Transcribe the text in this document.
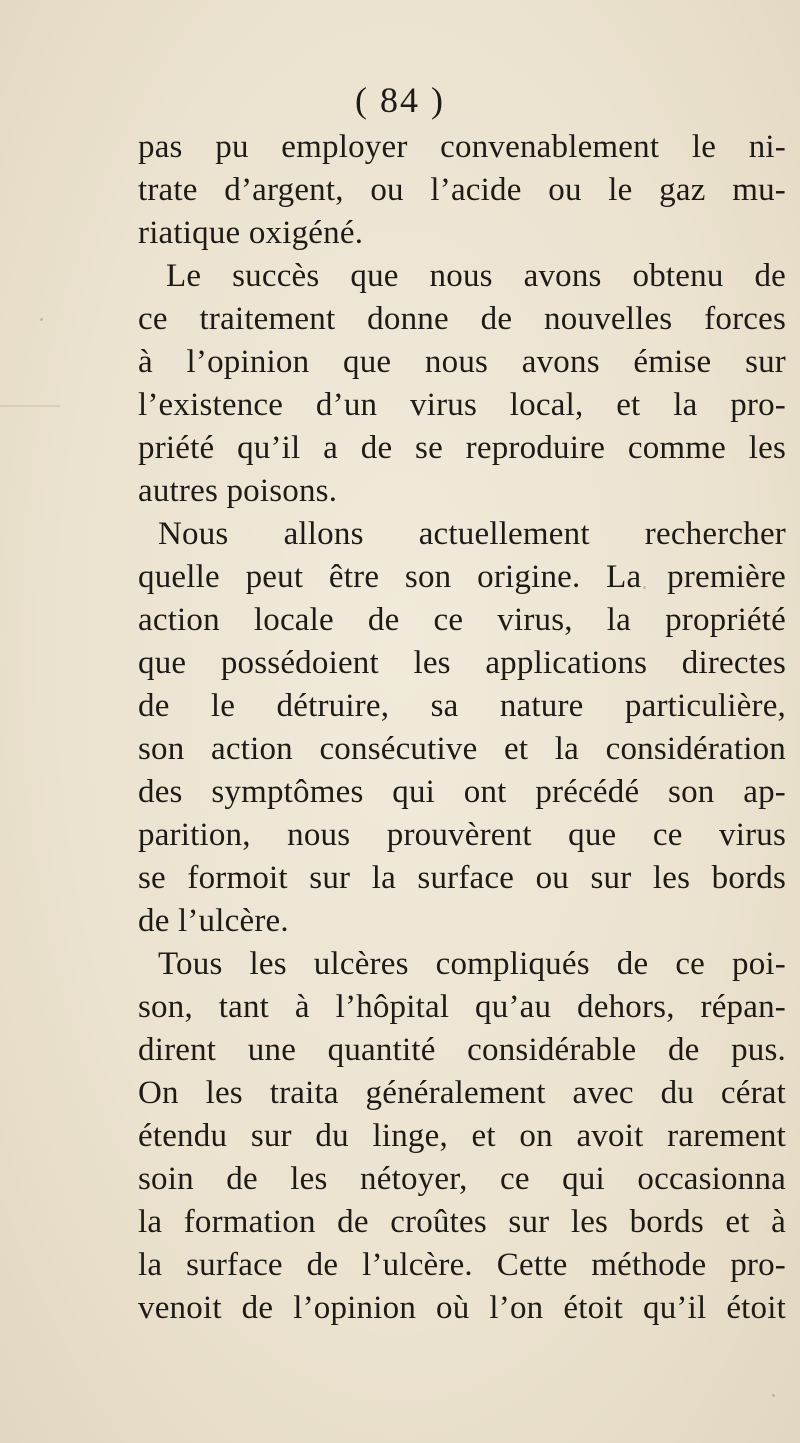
( 84 )
pas pu employer convenablement le ni-
trate d’argent, ou l’acide ou le gaz mu-
riatique oxigéné.
Le succès que nous avons obtenu de
ce traitement donne de nouvelles forces
à l’opinion que nous avons émise sur
l’existence d’un virus local, et la pro-
priété qu’il a de se reproduire comme les
autres poisons.
Nous allons actuellement rechercher
quelle peut être son origine. La première
action locale de ce virus, la propriété
que possédoient les applications directes
de le détruire, sa nature particulière,
son action consécutive et la considération
des symptômes qui ont précédé son ap-
parition, nous prouvèrent que ce virus
se formoit sur la surface ou sur les bords
de l’ulcère.
Tous les ulcères compliqués de ce poi-
son, tant à l’hôpital qu’au dehors, répan-
dirent une quantité considérable de pus.
On les traita généralement avec du cérat
étendu sur du linge, et on avoit rarement
soin de les nétoyer, ce qui occasionna
la formation de croûtes sur les bords et à
la surface de l’ulcère. Cette méthode pro-
venoit de l’opinion où l’on étoit qu’il étoit
